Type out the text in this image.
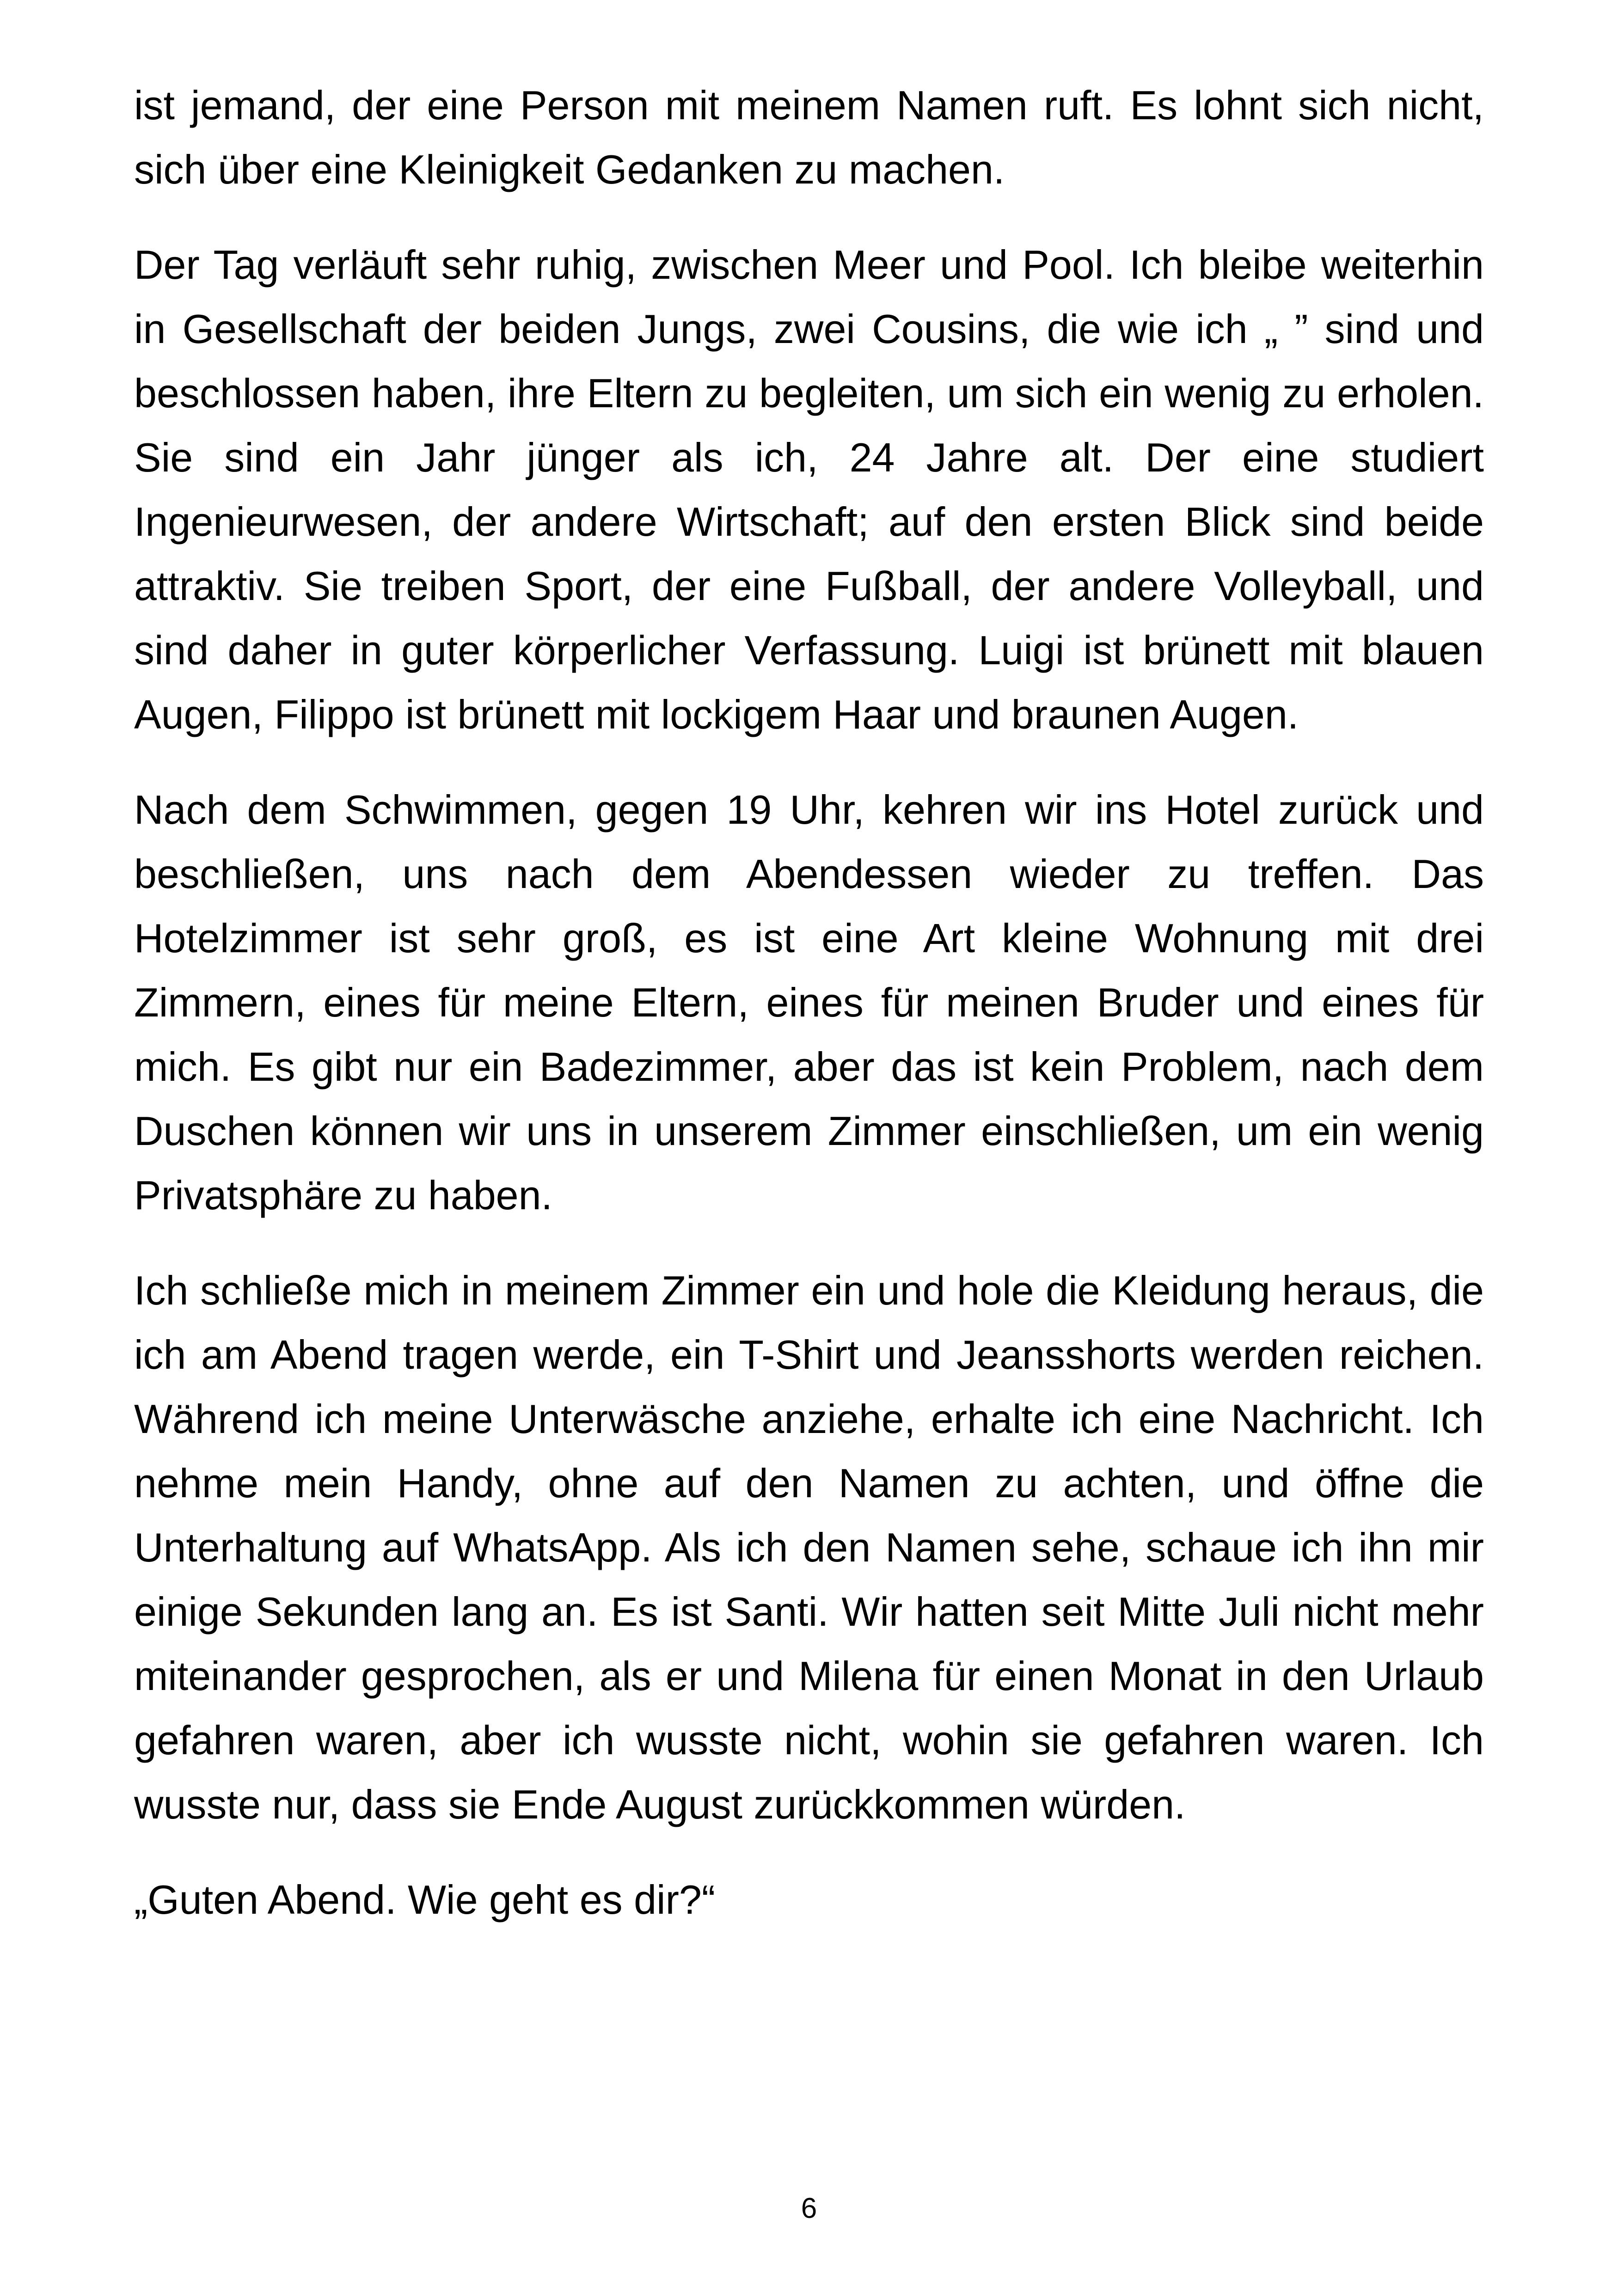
ist jemand, der eine Person mit meinem Namen ruft. Es lohnt sich nicht, sich über eine Kleinigkeit Gedanken zu machen.

Der Tag verläuft sehr ruhig, zwischen Meer und Pool. Ich bleibe weiterhin in Gesellschaft der beiden Jungs, zwei Cousins, die wie ich „ ” sind und beschlossen haben, ihre Eltern zu begleiten, um sich ein wenig zu erholen. Sie sind ein Jahr jünger als ich, 24 Jahre alt. Der eine studiert Ingenieurwesen, der andere Wirtschaft; auf den ersten Blick sind beide attraktiv. Sie treiben Sport, der eine Fußball, der andere Volleyball, und sind daher in guter körperlicher Verfassung. Luigi ist brünett mit blauen Augen, Filippo ist brünett mit lockigem Haar und braunen Augen.

Nach dem Schwimmen, gegen 19 Uhr, kehren wir ins Hotel zurück und beschließen, uns nach dem Abendessen wieder zu treffen. Das Hotelzimmer ist sehr groß, es ist eine Art kleine Wohnung mit drei Zimmern, eines für meine Eltern, eines für meinen Bruder und eines für mich. Es gibt nur ein Badezimmer, aber das ist kein Problem, nach dem Duschen können wir uns in unserem Zimmer einschließen, um ein wenig Privatsphäre zu haben.

Ich schließe mich in meinem Zimmer ein und hole die Kleidung heraus, die ich am Abend tragen werde, ein T-Shirt und Jeansshorts werden reichen. Während ich meine Unterwäsche anziehe, erhalte ich eine Nachricht. Ich nehme mein Handy, ohne auf den Namen zu achten, und öffne die Unterhaltung auf WhatsApp. Als ich den Namen sehe, schaue ich ihn mir einige Sekunden lang an. Es ist Santi. Wir hatten seit Mitte Juli nicht mehr miteinander gesprochen, als er und Milena für einen Monat in den Urlaub gefahren waren, aber ich wusste nicht, wohin sie gefahren waren. Ich wusste nur, dass sie Ende August zurückkommen würden.

„Guten Abend. Wie geht es dir?“

6
